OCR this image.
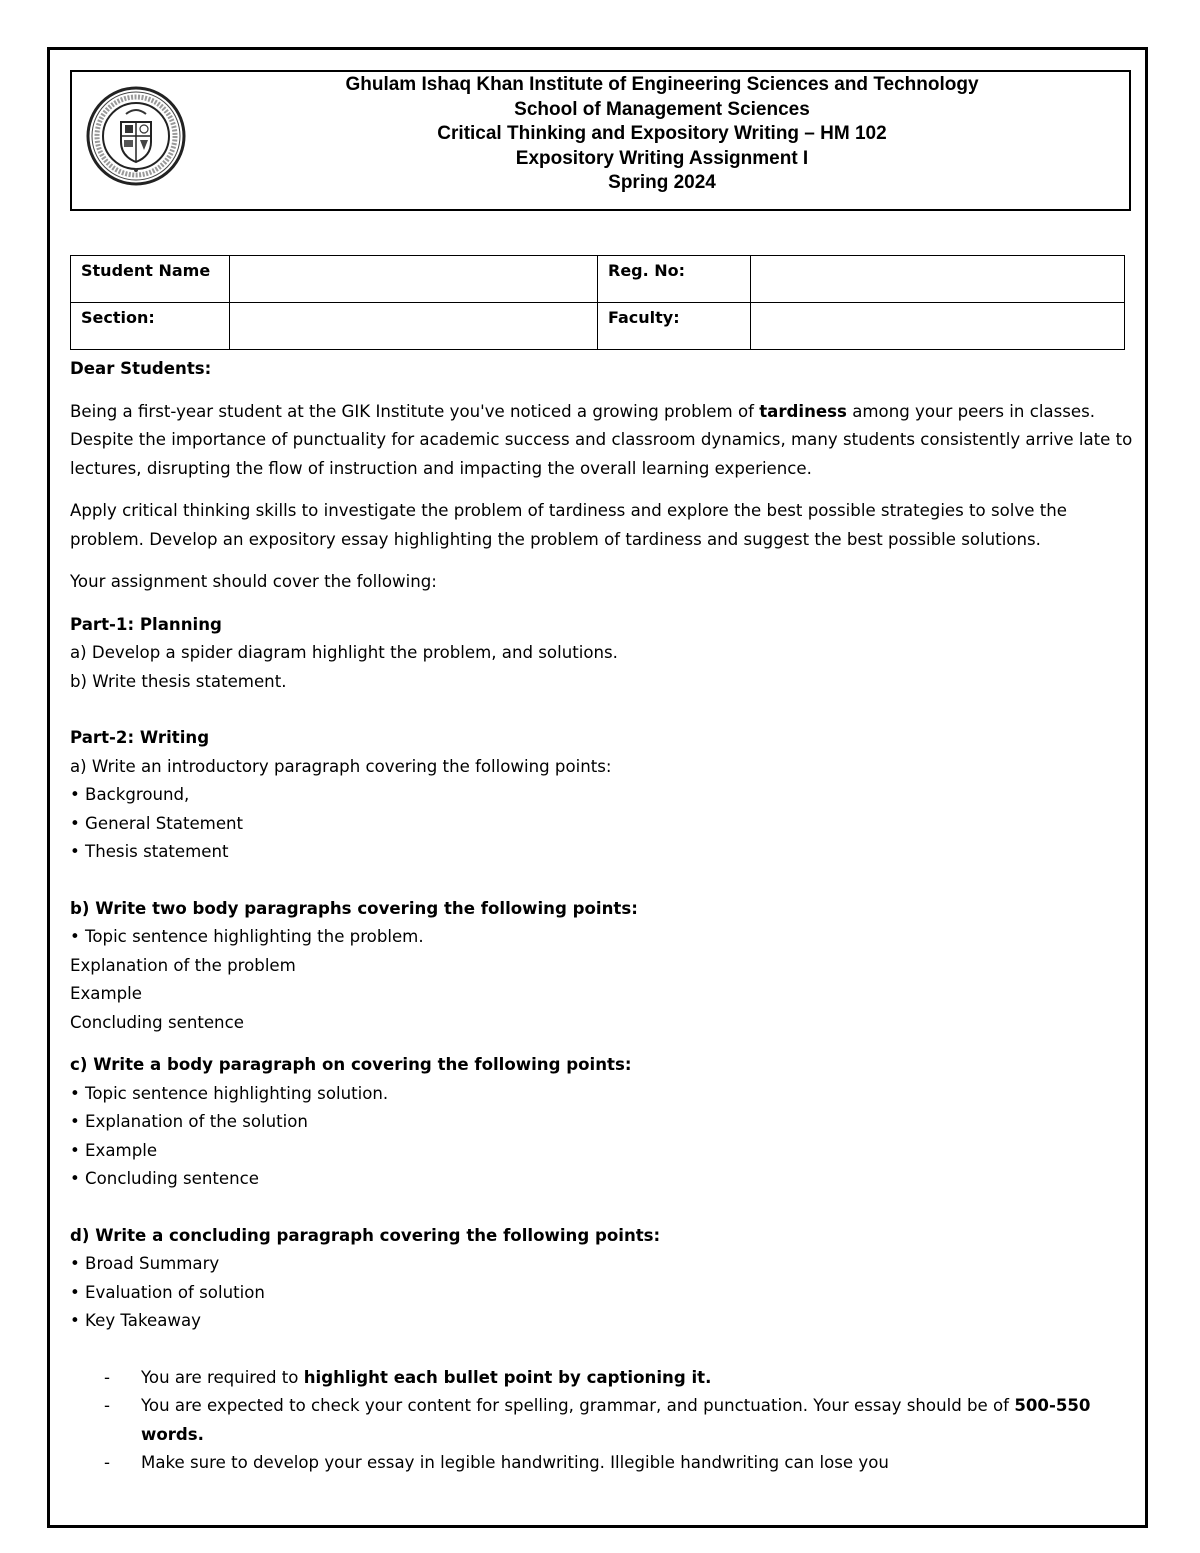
Ghulam Ishaq Khan Institute of Engineering Sciences and Technology
School of Management Sciences
Critical Thinking and Expository Writing – HM 102
Expository Writing Assignment I
Spring 2024
Student Name		Reg. No:	
Section:		Faculty:	

Dear Students:

Being a first-year student at the GIK Institute you've noticed a growing problem of tardiness among your peers in classes. Despite the importance of punctuality for academic success and classroom dynamics, many students consistently arrive late to lectures, disrupting the flow of instruction and impacting the overall learning experience.

Apply critical thinking skills to investigate the problem of tardiness and explore the best possible strategies to solve the problem. Develop an expository essay highlighting the problem of tardiness and suggest the best possible solutions.

Your assignment should cover the following:

Part-1: Planning

a) Develop a spider diagram highlight the problem, and solutions.

b) Write thesis statement.

Part-2: Writing

a) Write an introductory paragraph covering the following points:

• Background,

• General Statement

• Thesis statement

b) Write two body paragraphs covering the following points:

• Topic sentence highlighting the problem.

Explanation of the problem

Example

Concluding sentence

c) Write a body paragraph on covering the following points:

• Topic sentence highlighting solution.

• Explanation of the solution

• Example

• Concluding sentence

d) Write a concluding paragraph covering the following points:

• Broad Summary

• Evaluation of solution

• Key Takeaway

- You are required to highlight each bullet point by captioning it.
- You are expected to check your content for spelling, grammar, and punctuation. Your essay should be of 500-550 words.
- Make sure to develop your essay in legible handwriting. Illegible handwriting can lose you
